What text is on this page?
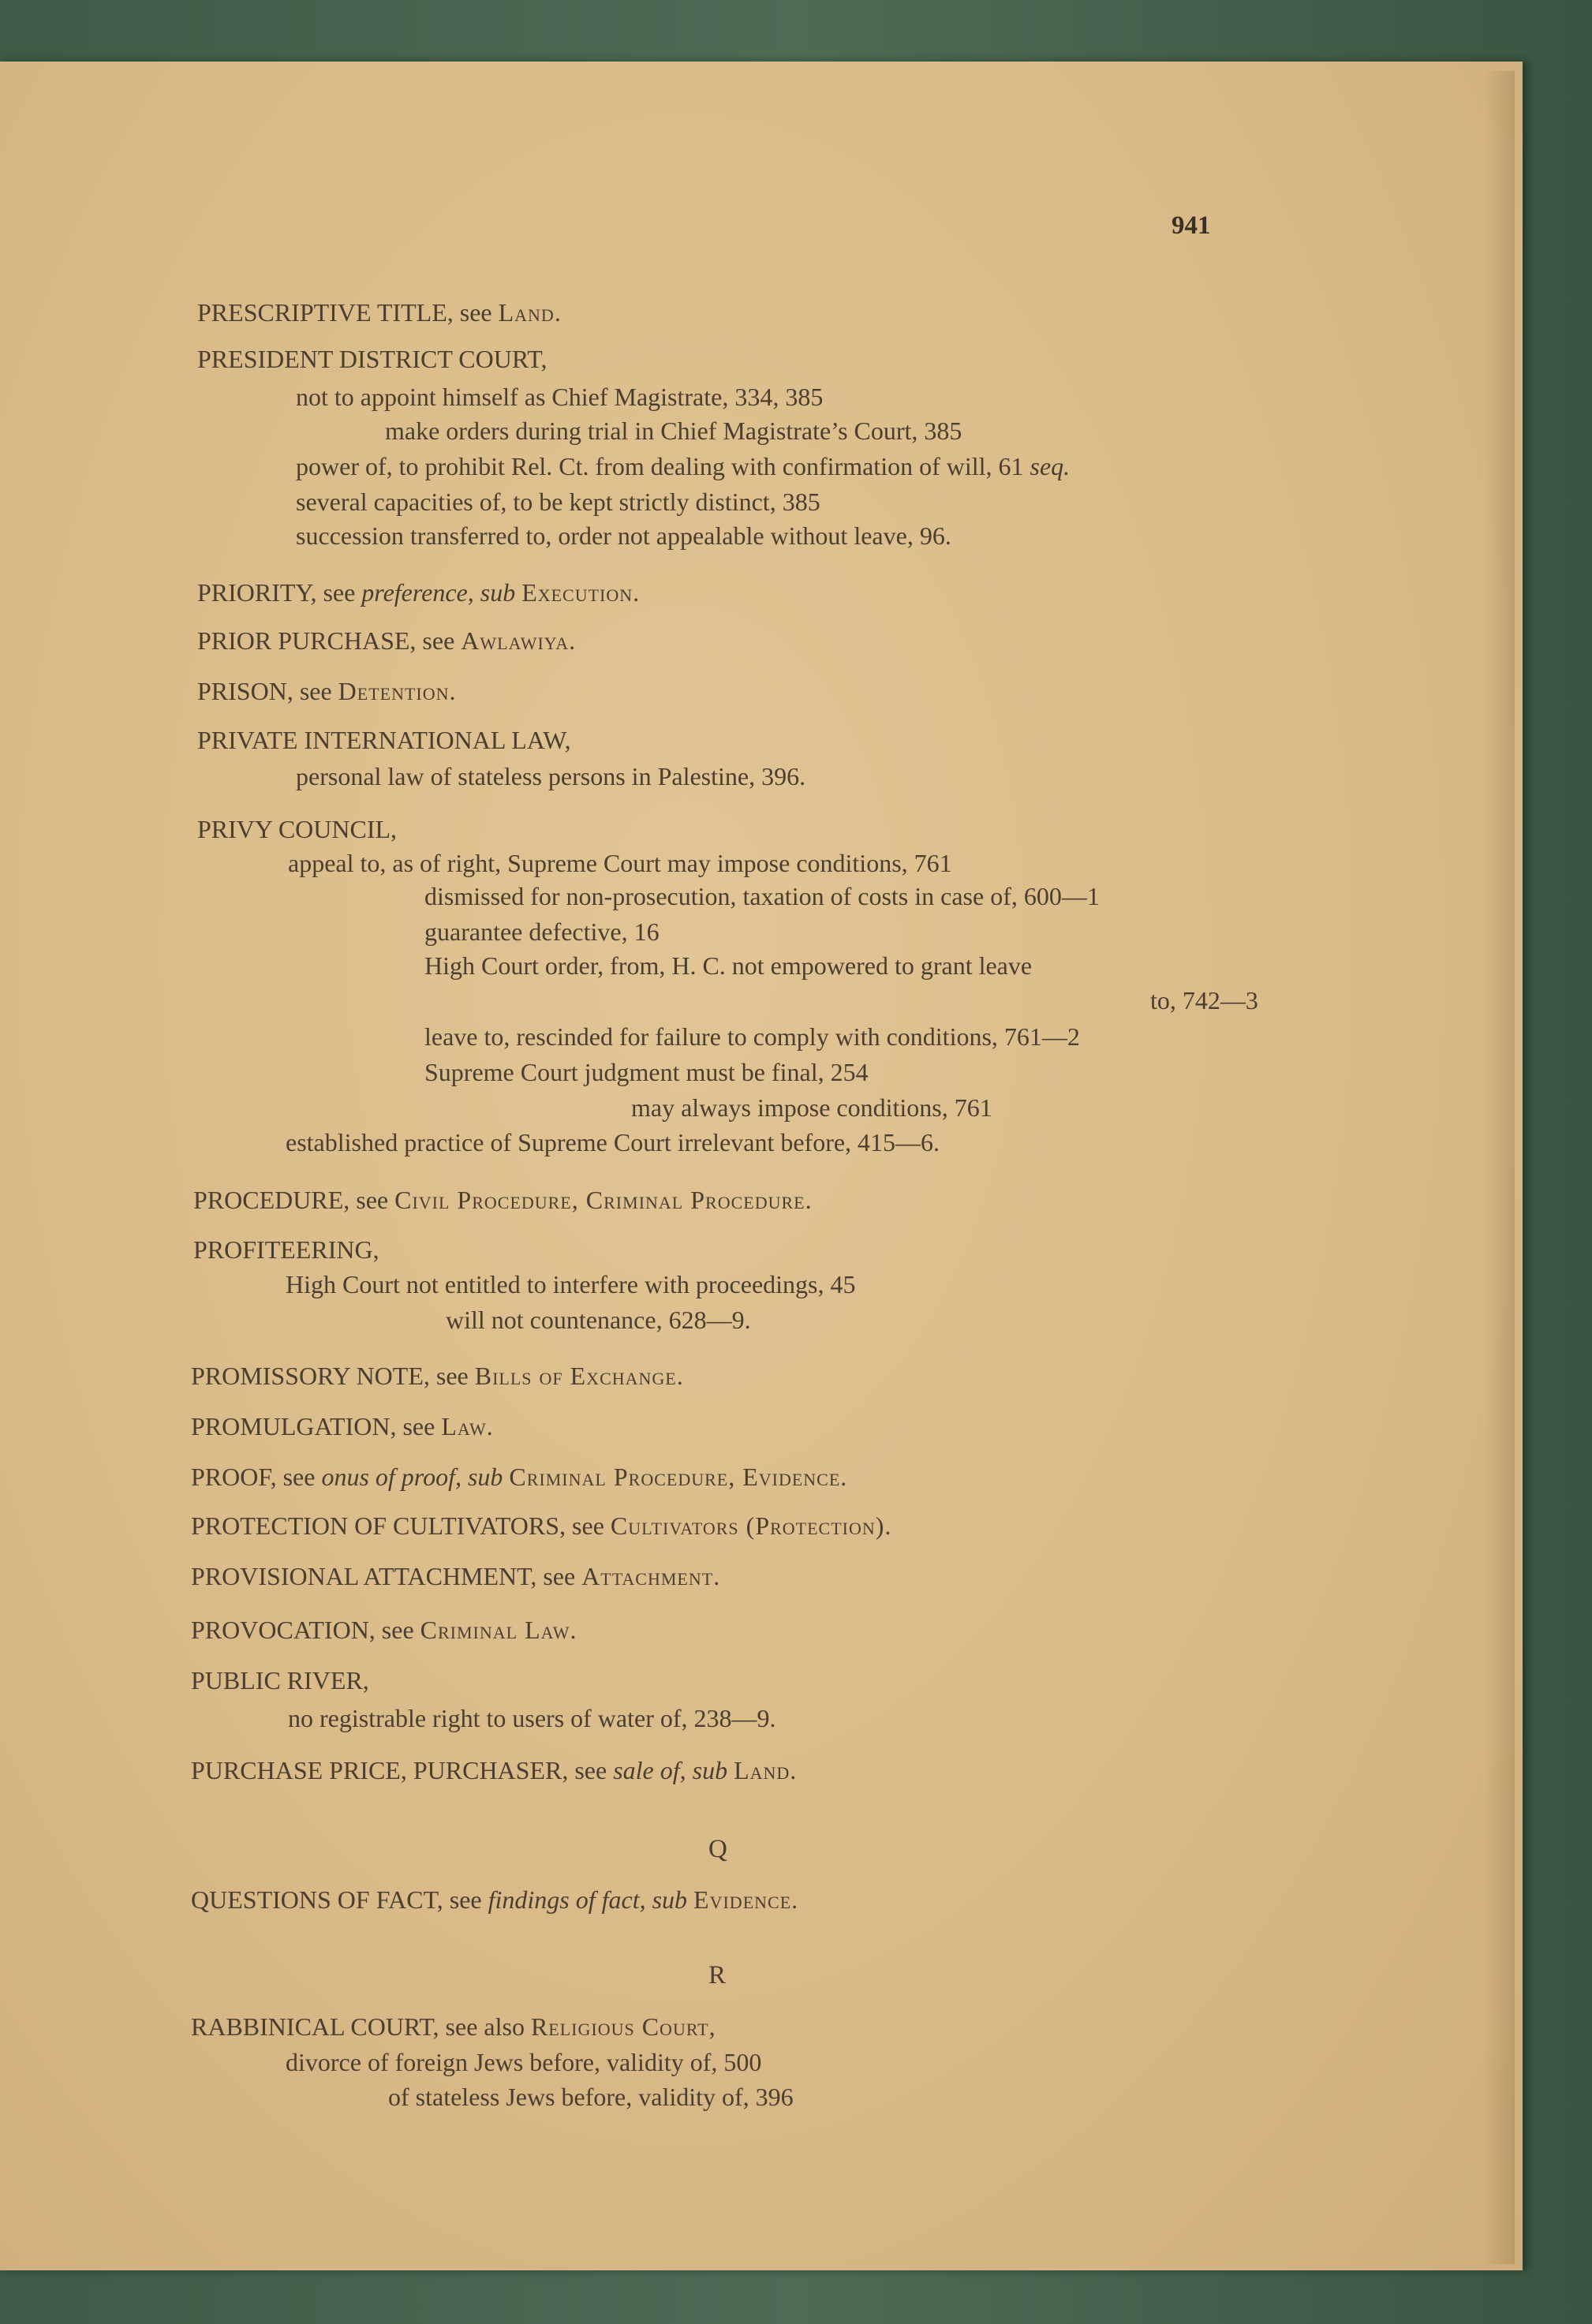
941
PRESCRIPTIVE TITLE, see Land.
PRESIDENT DISTRICT COURT,
not to appoint himself as Chief Magistrate, 334, 385
make orders during trial in Chief Magistrate’s Court, 385
power of, to prohibit Rel. Ct. from dealing with confirmation of will, 61 seq.
several capacities of, to be kept strictly distinct, 385
succession transferred to, order not appealable without leave, 96.
PRIORITY, see preference, sub Execution.
PRIOR PURCHASE, see Awlawiya.
PRISON, see Detention.
PRIVATE INTERNATIONAL LAW,
personal law of stateless persons in Palestine, 396.
PRIVY COUNCIL,
appeal to, as of right, Supreme Court may impose conditions, 761
dismissed for non-prosecution, taxation of costs in case of, 600—1
guarantee defective, 16
High Court order, from, H. C. not empowered to grant leave
to, 742—3
leave to, rescinded for failure to comply with conditions, 761—2
Supreme Court judgment must be final, 254
may always impose conditions, 761
established practice of Supreme Court irrelevant before, 415—6.
PROCEDURE, see Civil Procedure, Criminal Procedure.
PROFITEERING,
High Court not entitled to interfere with proceedings, 45
will not countenance, 628—9.
PROMISSORY NOTE, see Bills of Exchange.
PROMULGATION, see Law.
PROOF, see onus of proof, sub Criminal Procedure, Evidence.
PROTECTION OF CULTIVATORS, see Cultivators (Protection).
PROVISIONAL ATTACHMENT, see Attachment.
PROVOCATION, see Criminal Law.
PUBLIC RIVER,
no registrable right to users of water of, 238—9.
PURCHASE PRICE, PURCHASER, see sale of, sub Land.
QUESTIONS OF FACT, see findings of fact, sub Evidence.
RABBINICAL COURT, see also Religious Court,
divorce of foreign Jews before, validity of, 500
of stateless Jews before, validity of, 396
Q
R
